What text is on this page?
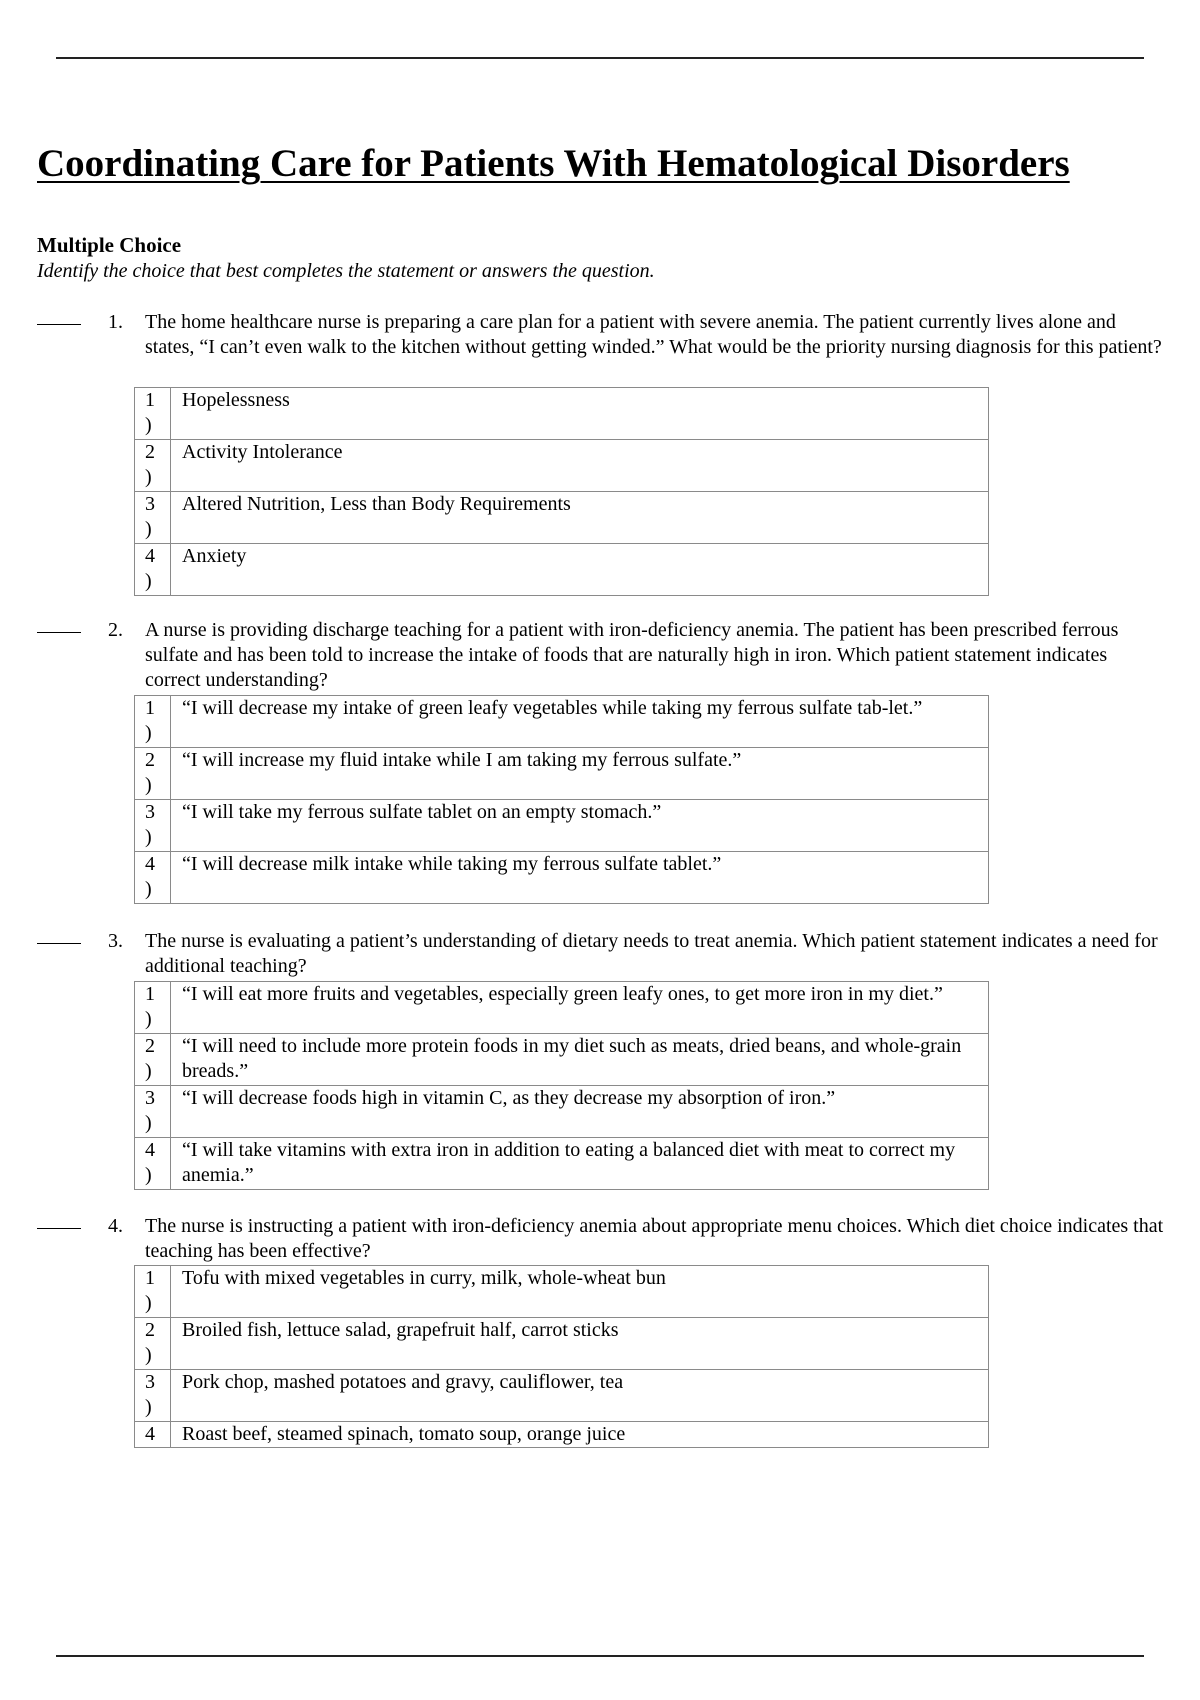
Coordinating Care for Patients With Hematological Disorders
Multiple Choice
Identify the choice that best completes the statement or answers the question.
1. The home healthcare nurse is preparing a care plan for a patient with severe anemia. The patient currently lives alone and states, “I can’t even walk to the kitchen without getting winded.” What would be the priority nursing diagnosis for this patient?
1
)	Hopelessness

2
)	Activity Intolerance

3
)	Altered Nutrition, Less than Body Requirements

4
)	Anxiety
2. A nurse is providing discharge teaching for a patient with iron-deficiency anemia. The patient has been prescribed ferrous sulfate and has been told to increase the intake of foods that are naturally high in iron. Which patient statement indicates correct understanding?
1
)	“I will decrease my intake of green leafy vegetables while taking my ferrous sulfate tab-let.”

2
)	“I will increase my fluid intake while I am taking my ferrous sulfate.”

3
)	“I will take my ferrous sulfate tablet on an empty stomach.”

4
)	“I will decrease milk intake while taking my ferrous sulfate tablet.”
3. The nurse is evaluating a patient’s understanding of dietary needs to treat anemia. Which patient statement indicates a need for additional teaching?
1
)	“I will eat more fruits and vegetables, especially green leafy ones, to get more iron in my diet.”

2
)	“I will need to include more protein foods in my diet such as meats, dried beans, and whole-grain breads.”

3
)	“I will decrease foods high in vitamin C, as they decrease my absorption of iron.”

4
)	“I will take vitamins with extra iron in addition to eating a balanced diet with meat to correct my anemia.”
4. The nurse is instructing a patient with iron-deficiency anemia about appropriate menu choices. Which diet choice indicates that teaching has been effective?
1
)	Tofu with mixed vegetables in curry, milk, whole-wheat bun

2
)	Broiled fish, lettuce salad, grapefruit half, carrot sticks

3
)	Pork chop, mashed potatoes and gravy, cauliflower, tea

4	Roast beef, steamed spinach, tomato soup, orange juice
